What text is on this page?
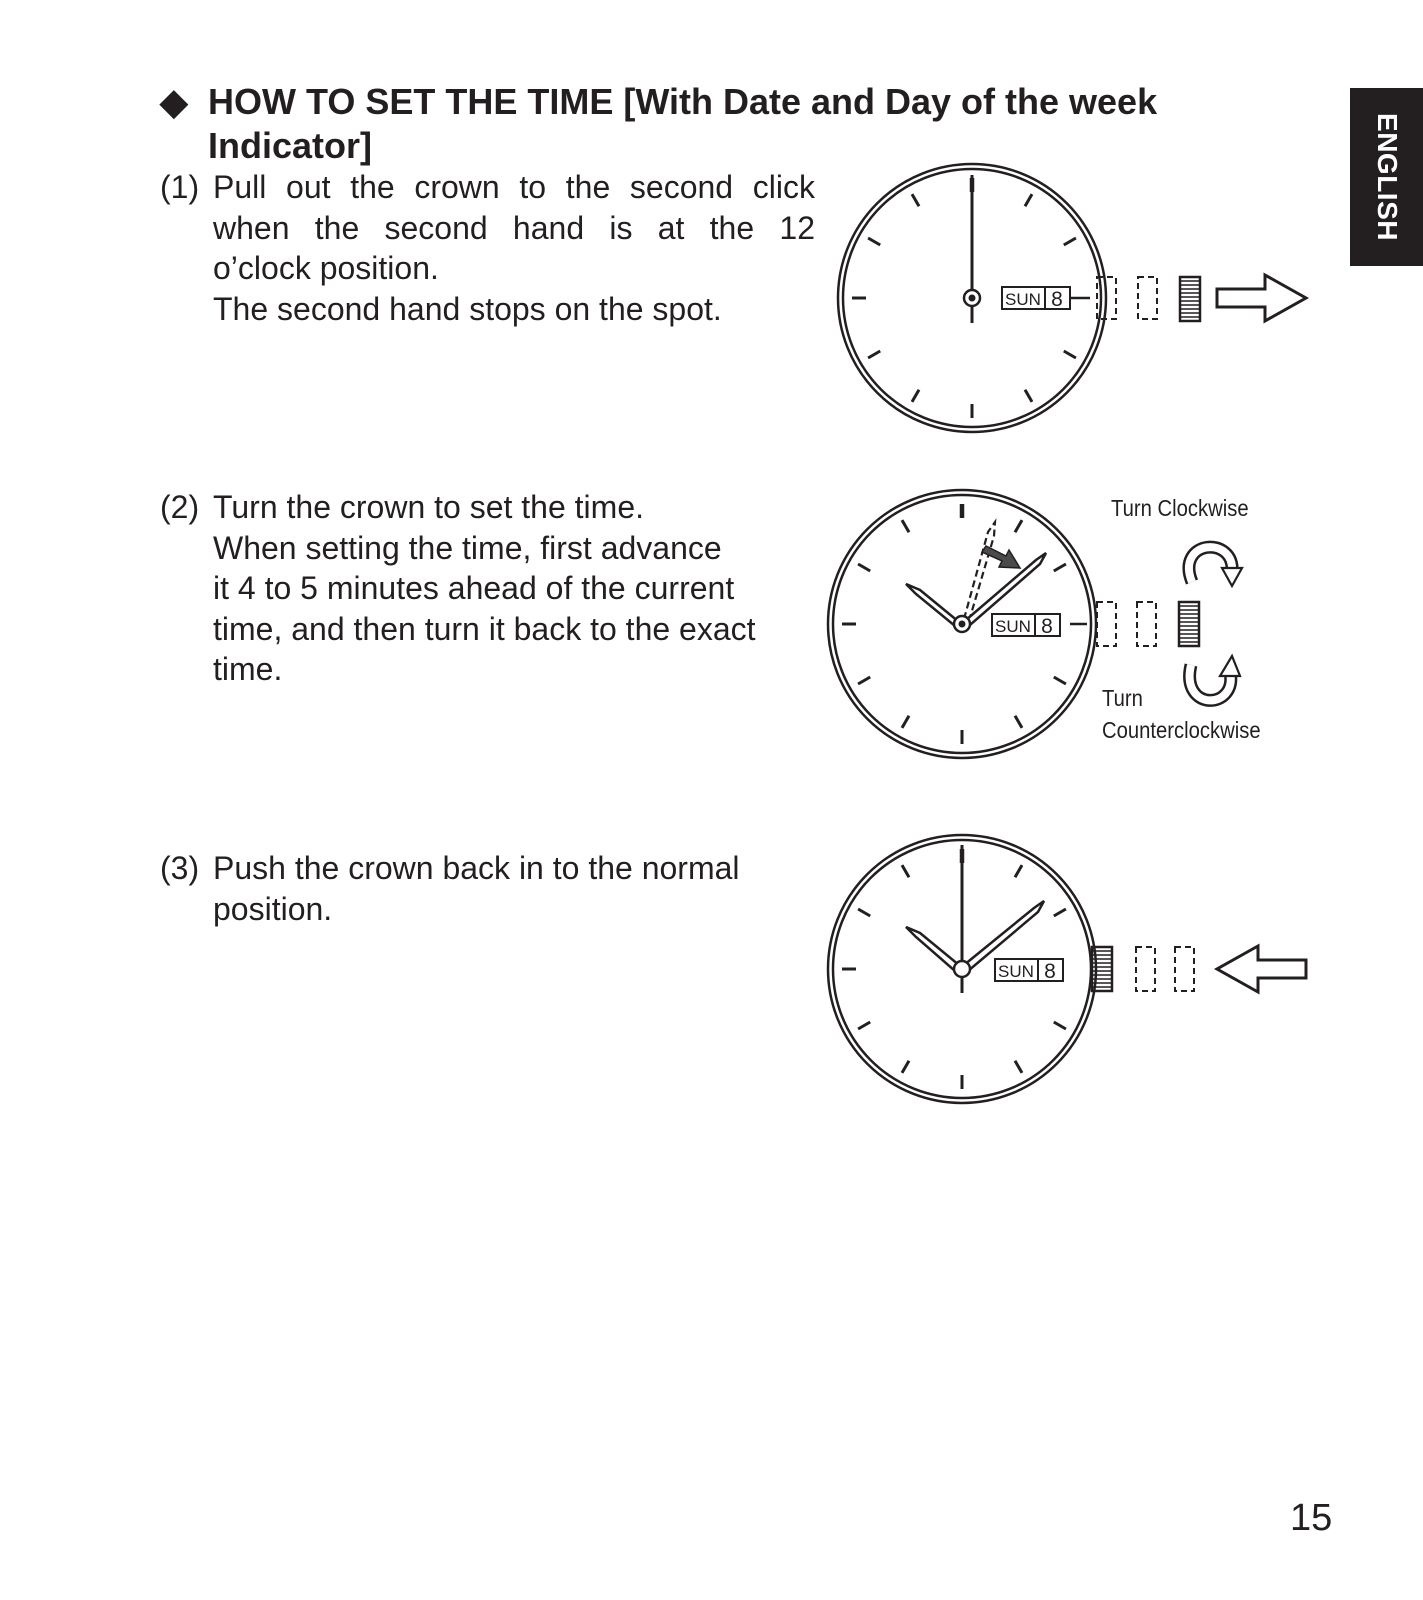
◆ HOW TO SET THE TIME [With Date and Day of the week Indicator]	ENGLISH
(1) Pull out the crown to the second click

when the second hand is at the 12

o’clock position.

The second hand stops on the spot.

(2) Turn the crown to set the time.

When setting the time, first advance

it 4 to 5 minutes ahead of the current

time, and then turn it back to the exact

time.

(3) Push the crown back in to the normal

position.

SUN 8
SUN 8
Turn Clockwise
Turn
Counterclockwise
SUN 8
15
